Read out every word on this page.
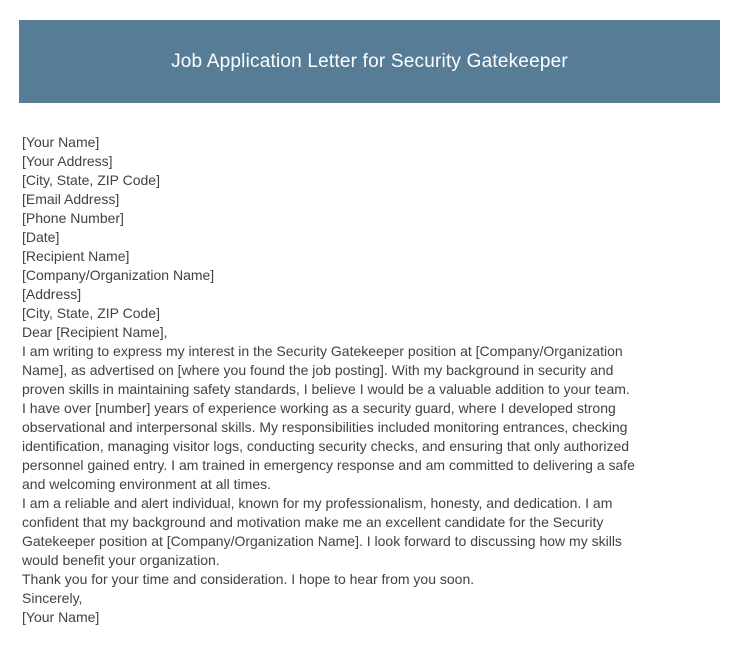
Job Application Letter for Security Gatekeeper
[Your Name]
[Your Address]
[City, State, ZIP Code]
[Email Address]
[Phone Number]
[Date]
[Recipient Name]
[Company/Organization Name]
[Address]
[City, State, ZIP Code]
Dear [Recipient Name],
I am writing to express my interest in the Security Gatekeeper position at [Company/Organization
Name], as advertised on [where you found the job posting]. With my background in security and
proven skills in maintaining safety standards, I believe I would be a valuable addition to your team.
I have over [number] years of experience working as a security guard, where I developed strong
observational and interpersonal skills. My responsibilities included monitoring entrances, checking
identification, managing visitor logs, conducting security checks, and ensuring that only authorized
personnel gained entry. I am trained in emergency response and am committed to delivering a safe
and welcoming environment at all times.
I am a reliable and alert individual, known for my professionalism, honesty, and dedication. I am
confident that my background and motivation make me an excellent candidate for the Security
Gatekeeper position at [Company/Organization Name]. I look forward to discussing how my skills
would benefit your organization.
Thank you for your time and consideration. I hope to hear from you soon.
Sincerely,
[Your Name]
